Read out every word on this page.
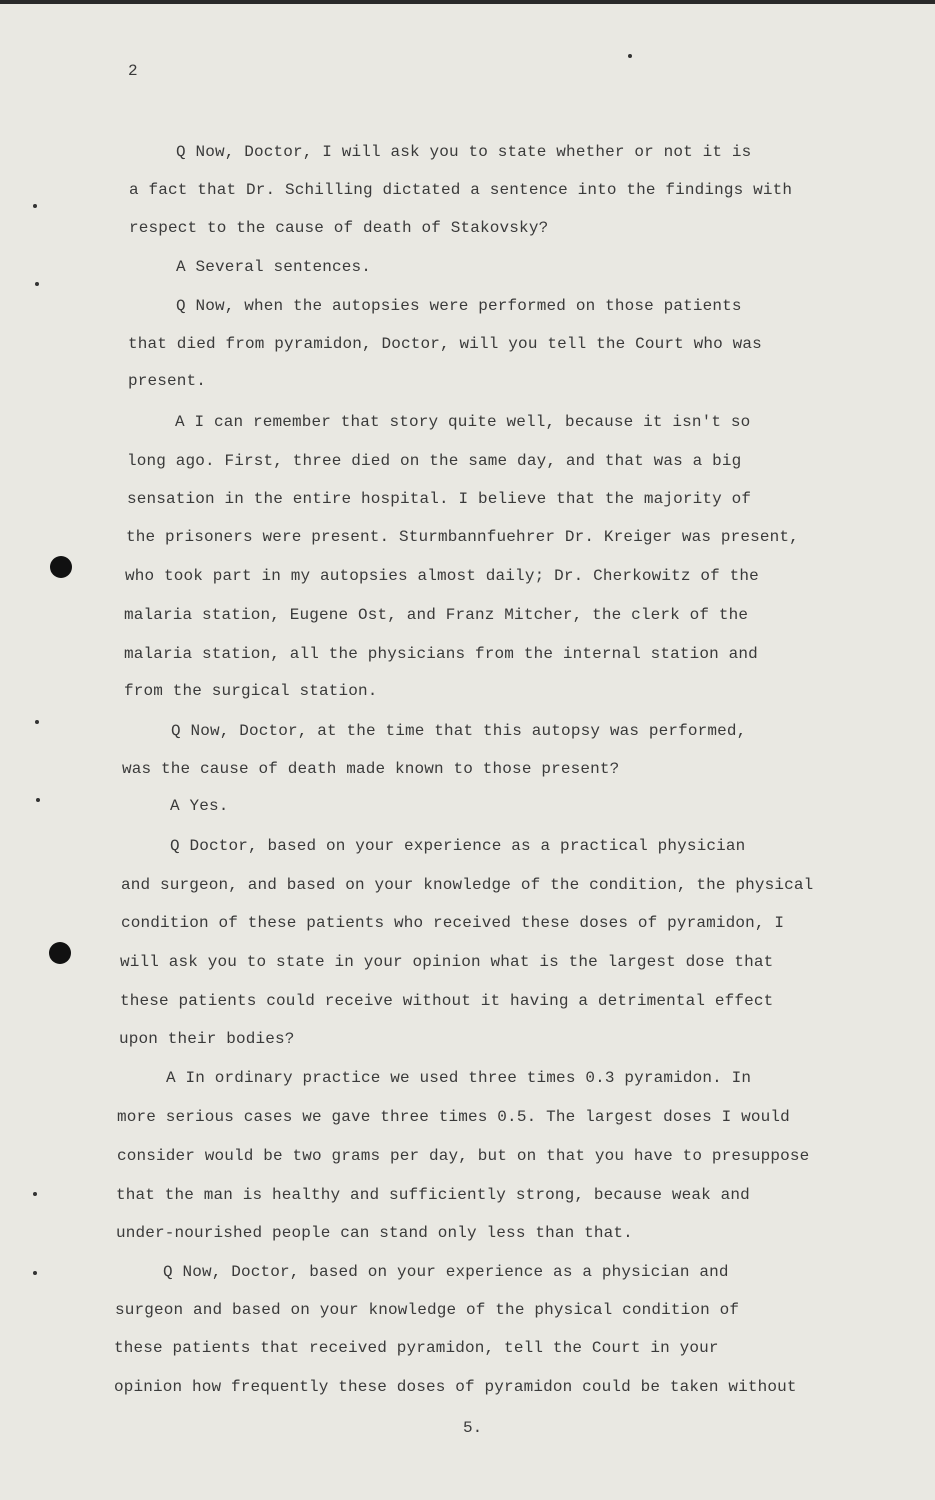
2
Q Now, Doctor, I will ask you to state whether or not it is
a fact that Dr. Schilling dictated a sentence into the findings with
respect to the cause of death of Stakovsky?
A Several sentences.
Q Now, when the autopsies were performed on those patients
that died from pyramidon, Doctor, will you tell the Court who was
present.
A I can remember that story quite well, because it isn't so
long ago. First, three died on the same day, and that was a big
sensation in the entire hospital. I believe that the majority of
the prisoners were present. Sturmbannfuehrer Dr. Kreiger was present,
who took part in my autopsies almost daily; Dr. Cherkowitz of the
malaria station, Eugene Ost, and Franz Mitcher, the clerk of the
malaria station, all the physicians from the internal station and
from the surgical station.
Q Now, Doctor, at the time that this autopsy was performed,
was the cause of death made known to those present?
A Yes.
Q Doctor, based on your experience as a practical physician
and surgeon, and based on your knowledge of the condition, the physical
condition of these patients who received these doses of pyramidon, I
will ask you to state in your opinion what is the largest dose that
these patients could receive without it having a detrimental effect
upon their bodies?
A In ordinary practice we used three times 0.3 pyramidon. In
more serious cases we gave three times 0.5. The largest doses I would
consider would be two grams per day, but on that you have to presuppose
that the man is healthy and sufficiently strong, because weak and
under-nourished people can stand only less than that.
Q Now, Doctor, based on your experience as a physician and
surgeon and based on your knowledge of the physical condition of
these patients that received pyramidon, tell the Court in your
opinion how frequently these doses of pyramidon could be taken without
5.
